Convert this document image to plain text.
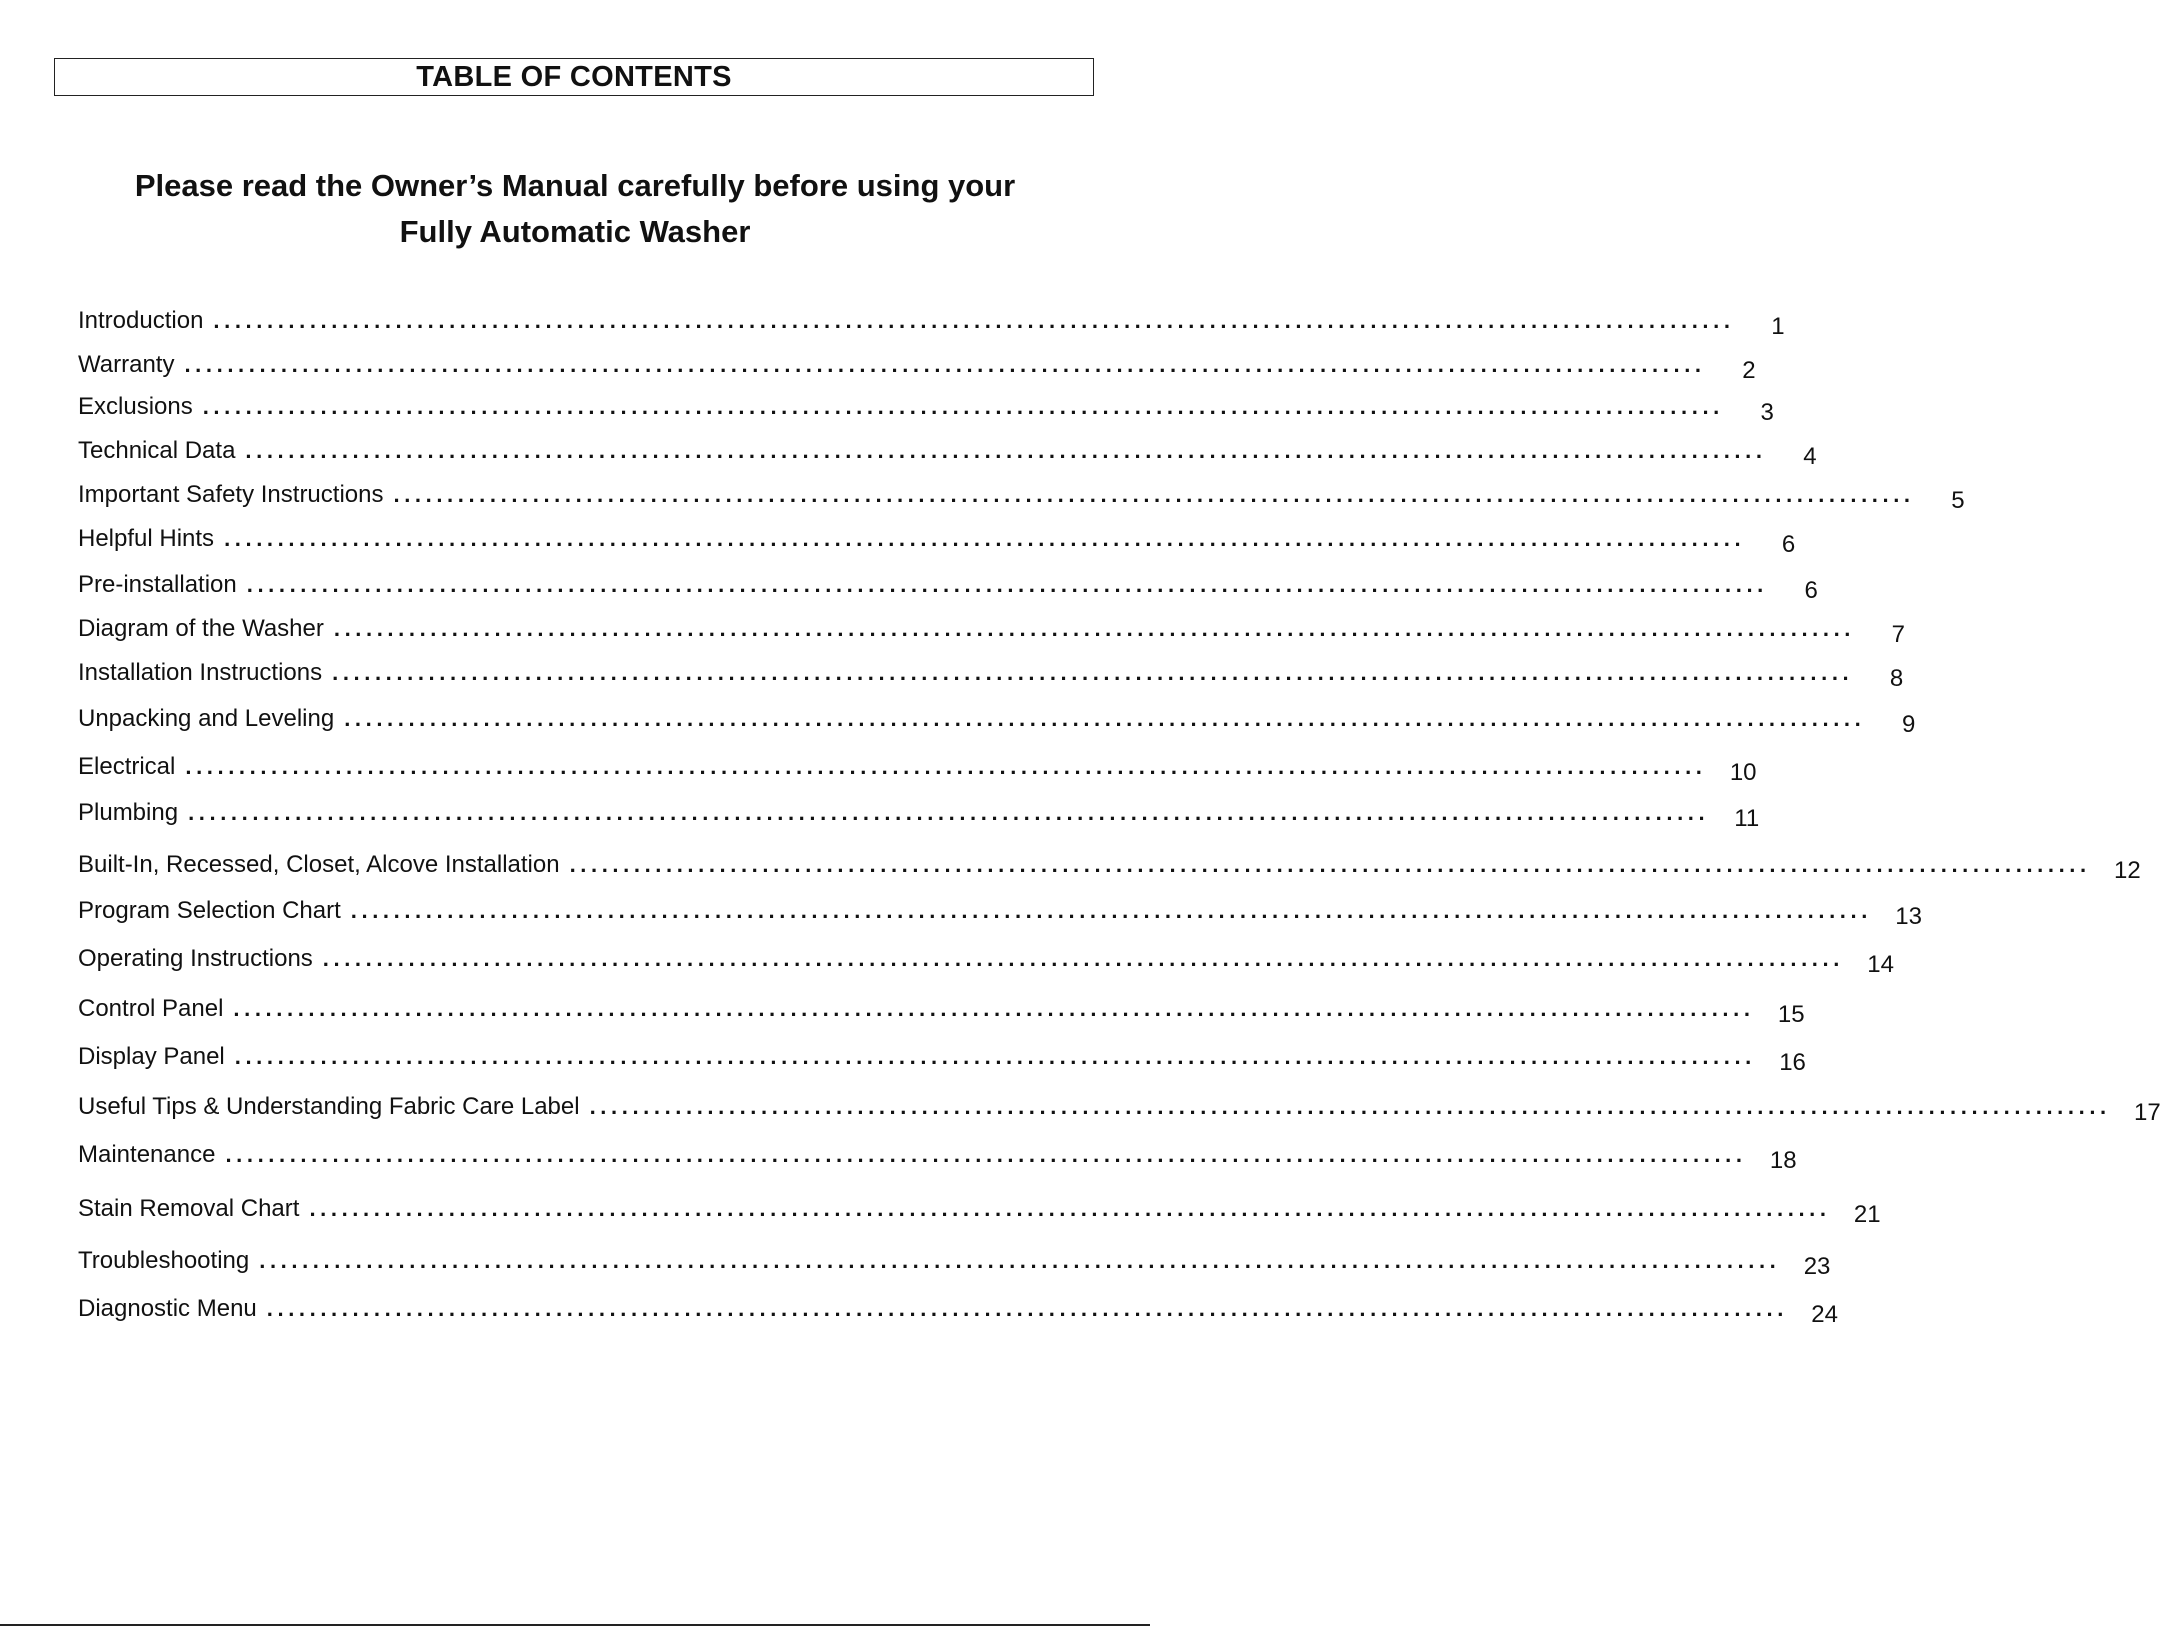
TABLE OF CONTENTS
Please read the Owner’s Manual carefully before using your
Fully Automatic Washer
Introduction ..............................................................................................................................................	1
Warranty ..............................................................................................................................................	2
Exclusions ..............................................................................................................................................	3
Technical Data ..............................................................................................................................................	4
Important Safety Instructions ..............................................................................................................................................	5
Helpful Hints ..............................................................................................................................................	6
Pre-installation ..............................................................................................................................................	6
Diagram of the Washer ..............................................................................................................................................	7
Installation Instructions ..............................................................................................................................................	8
Unpacking and Leveling ..............................................................................................................................................	9
Electrical .............................................................................................................................................. 10
Plumbing ..............................................................................................................................................	11
Built-In, Recessed, Closet, Alcove Installation .............................................................................................................................................. 12
Program Selection Chart .............................................................................................................................................. 13
Operating Instructions .............................................................................................................................................. 14
Control Panel .............................................................................................................................................. 15
Display Panel .............................................................................................................................................. 16
Useful Tips & Understanding Fabric Care Label .............................................................................................................................................. 17
Maintenance .............................................................................................................................................. 18
Stain Removal Chart .............................................................................................................................................. 21
Troubleshooting .............................................................................................................................................. 23
Diagnostic Menu .............................................................................................................................................. 24
